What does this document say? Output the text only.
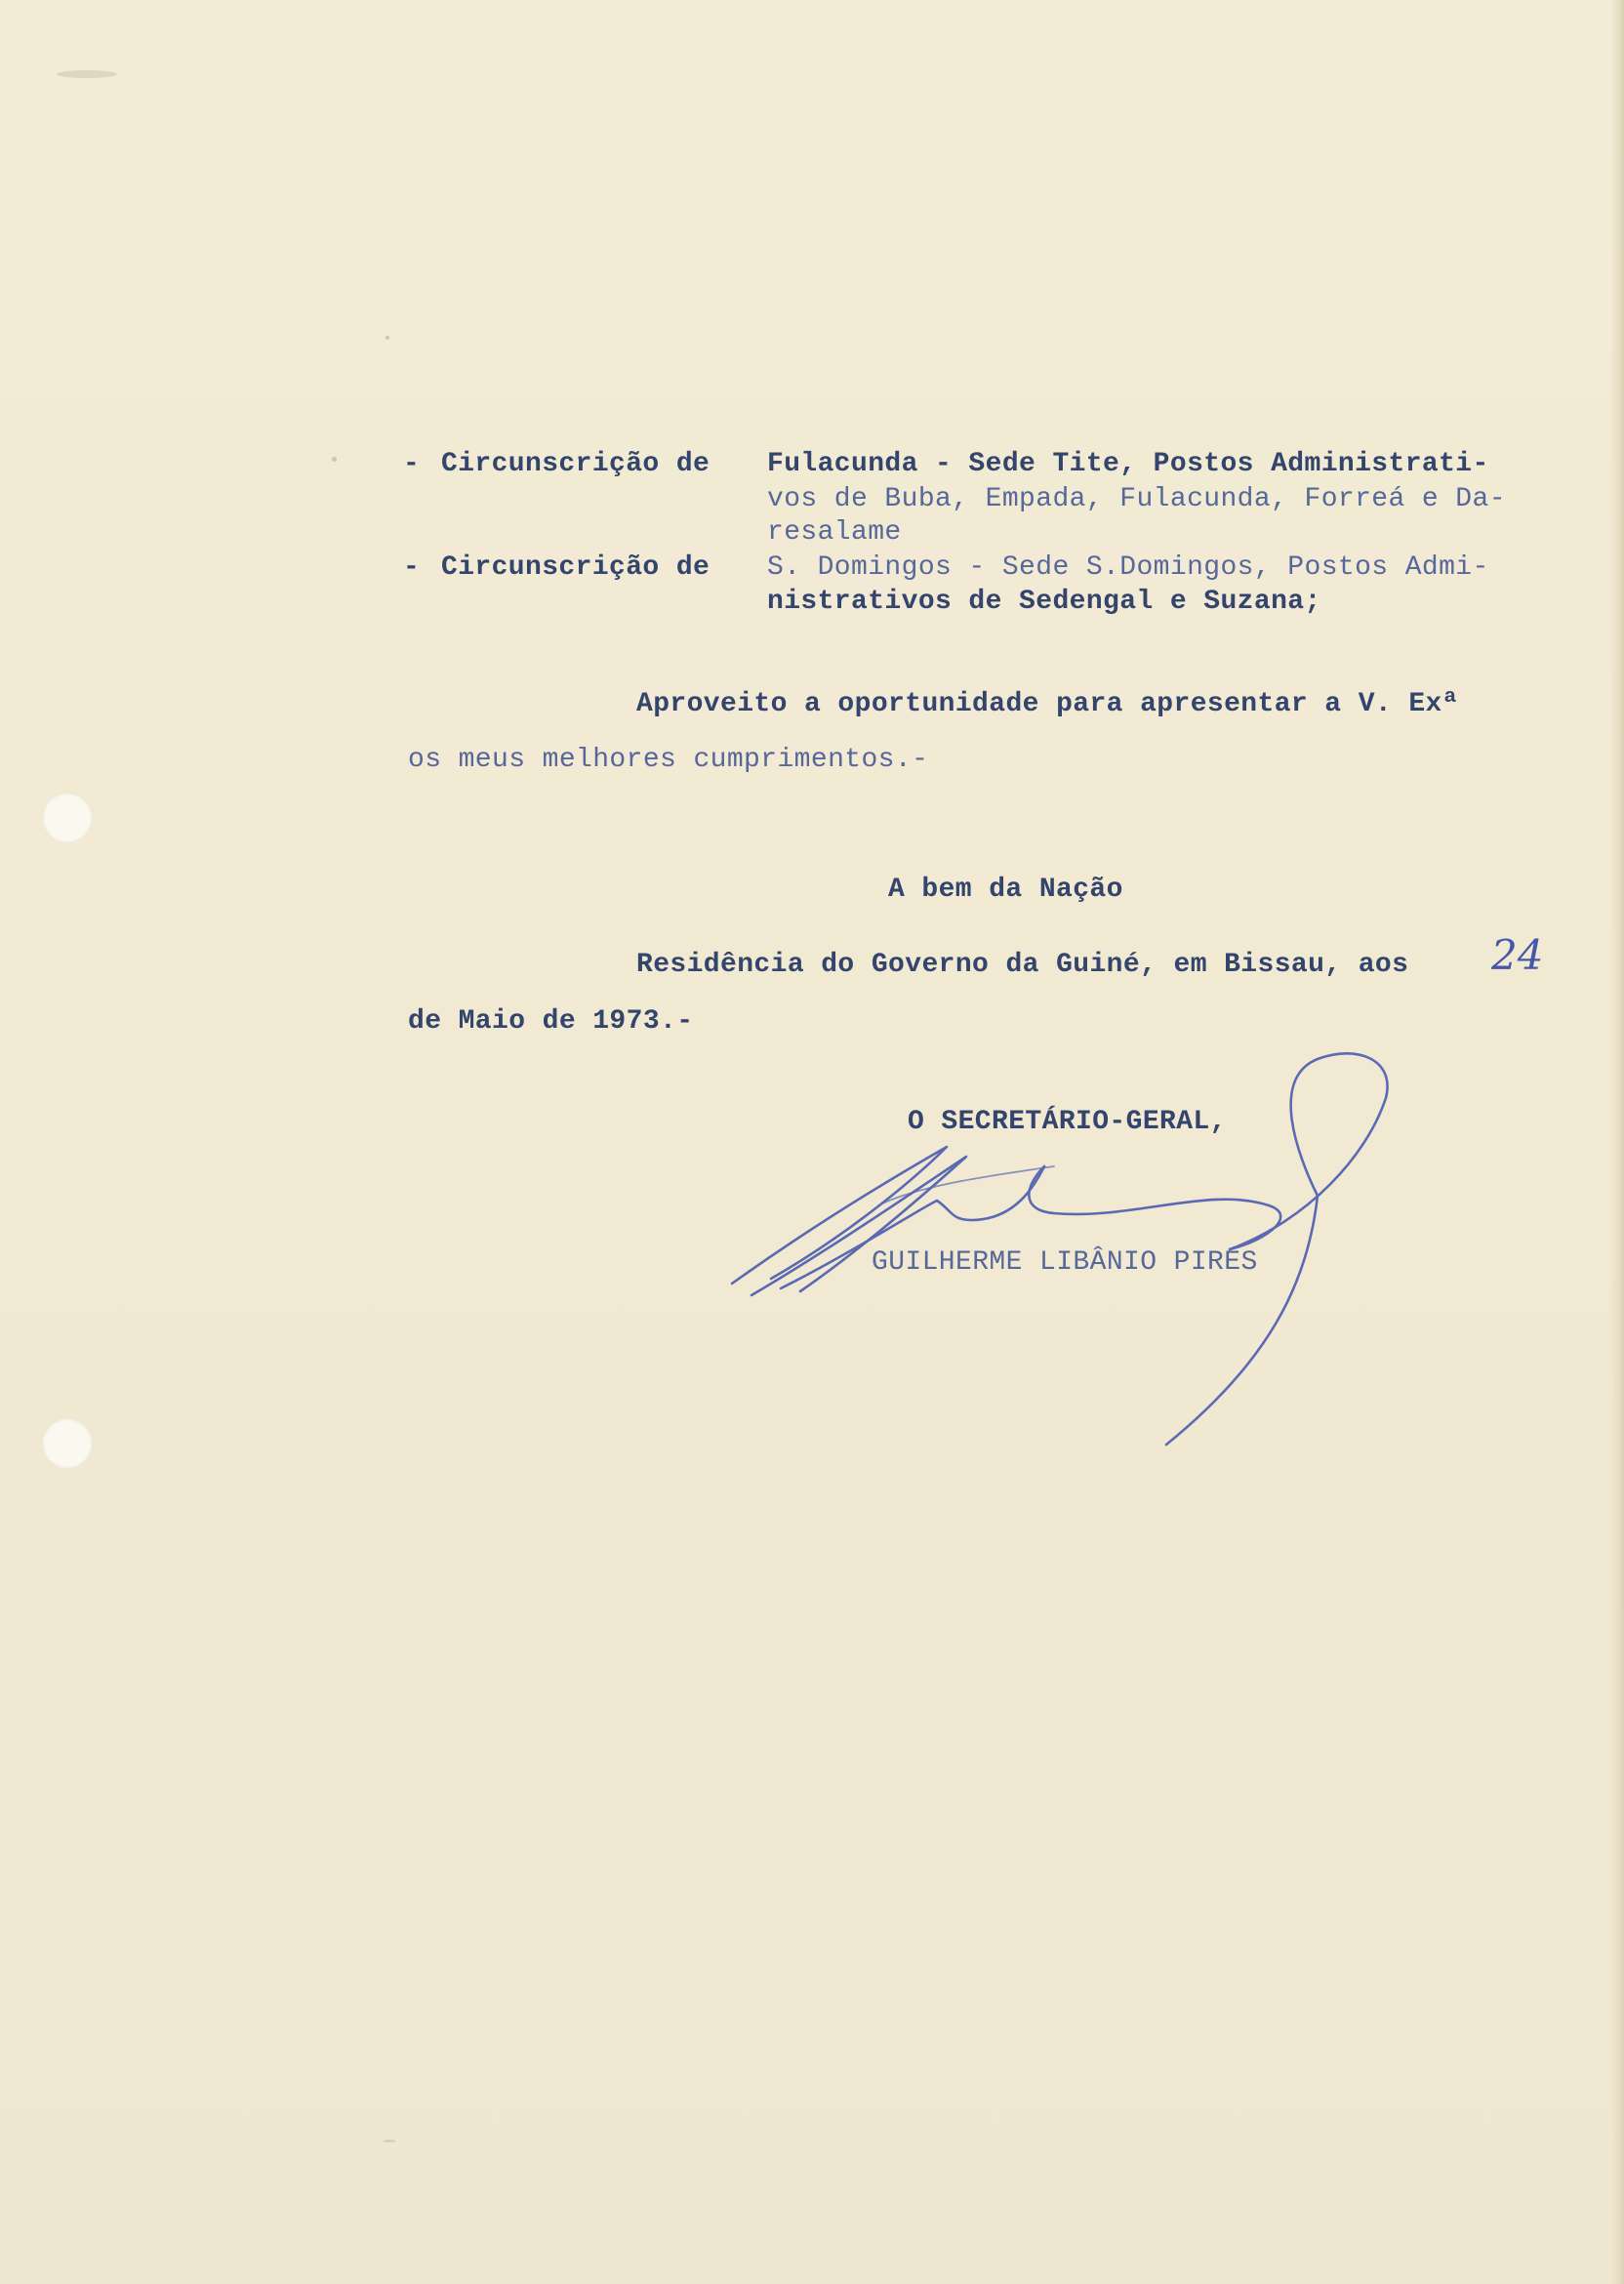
- Circunscrição de Fulacunda - Sede Tite, Postos Administrati-
vos de Buba, Empada, Fulacunda, Forreá e Da-
resalame
- Circunscrição de S. Domingos - Sede S.Domingos, Postos Admi-
nistrativos de Sedengal e Suzana;
Aproveito a oportunidade para apresentar a V. Exª
os meus melhores cumprimentos.-
A bem da Nação
Residência do Governo da Guiné, em Bissau, aos 24
de Maio de 1973.-
O SECRETÁRIO-GERAL,
GUILHERME LIBÂNIO PIRES
